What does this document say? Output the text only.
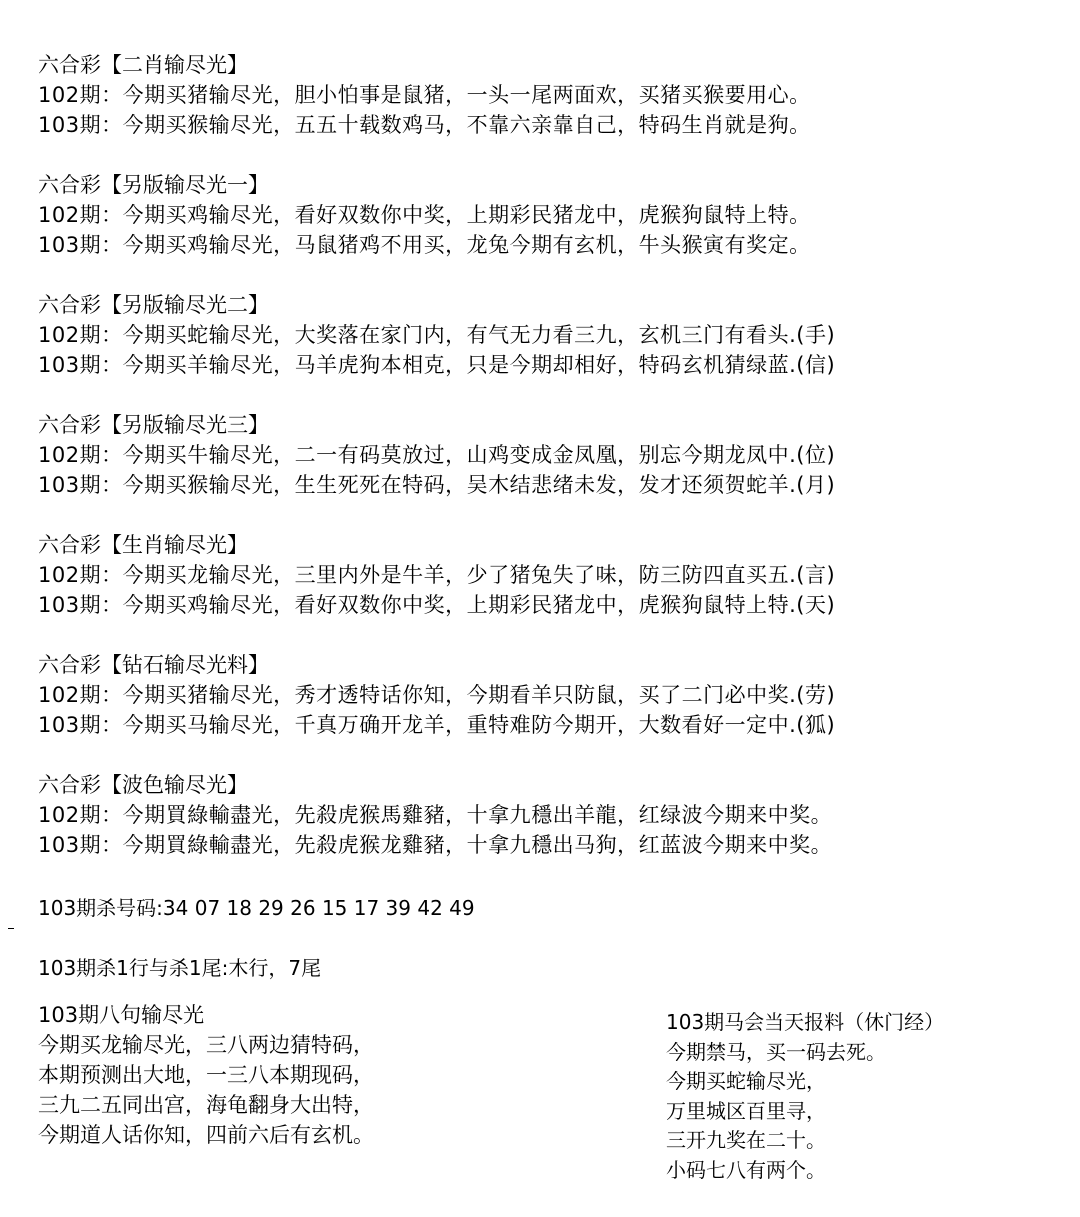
六合彩【二肖输尽光】
102期：今期买猪输尽光，胆小怕事是鼠猪，一头一尾两面欢，买猪买猴要用心。
103期：今期买猴输尽光，五五十载数鸡马，不靠六亲靠自己，特码生肖就是狗。
六合彩【另版输尽光一】
102期：今期买鸡输尽光，看好双数你中奖，上期彩民猪龙中，虎猴狗鼠特上特。
103期：今期买鸡输尽光，马鼠猪鸡不用买，龙兔今期有玄机，牛头猴寅有奖定。
六合彩【另版输尽光二】
102期：今期买蛇输尽光，大奖落在家门内，有气无力看三九，玄机三门有看头.(手)
103期：今期买羊输尽光，马羊虎狗本相克，只是今期却相好，特码玄机猜绿蓝.(信)
六合彩【另版输尽光三】
102期：今期买牛输尽光，二一有码莫放过，山鸡变成金凤凰，别忘今期龙凤中.(位)
103期：今期买猴输尽光，生生死死在特码，吴木结悲绪未发，发才还须贺蛇羊.(月)
六合彩【生肖输尽光】
102期：今期买龙输尽光，三里内外是牛羊，少了猪兔失了味，防三防四直买五.(言)
103期：今期买鸡输尽光，看好双数你中奖，上期彩民猪龙中，虎猴狗鼠特上特.(天)
六合彩【钻石输尽光料】
102期：今期买猪输尽光，秀才透特话你知，今期看羊只防鼠，买了二门必中奖.(劳)
103期：今期买马输尽光，千真万确开龙羊，重特难防今期开，大数看好一定中.(狐)
六合彩【波色输尽光】
102期：今期買綠輸盡光，先殺虎猴馬雞豬，十拿九穩出羊龍，红绿波今期来中奖。
103期：今期買綠輸盡光，先殺虎猴龙雞豬，十拿九穩出马狗，红蓝波今期来中奖。
103期杀号码:34 07 18 29 26 15 17 39 42 49
103期杀1行与杀1尾:木行，7尾
103期八句输尽光
今期买龙输尽光，三八两边猜特码，
本期预测出大地，一三八本期现码，
三九二五同出宫，海龟翻身大出特，
今期道人话你知，四前六后有玄机。
103期马会当天报料（休门经）
今期禁马，买一码去死。
今期买蛇输尽光，
万里城区百里寻，
三开九奖在二十。
小码七八有两个。
